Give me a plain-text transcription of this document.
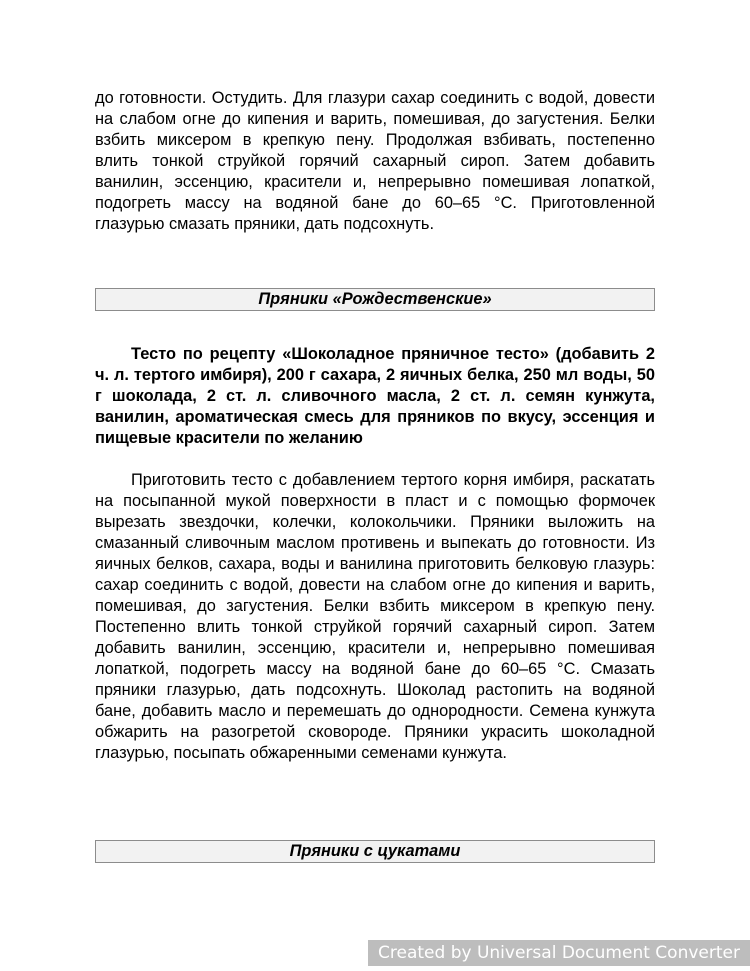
до готовности. Остудить. Для глазури сахар соединить с водой, довести на слабом огне до кипения и варить, помешивая, до загустения. Белки взбить миксером в крепкую пену. Продолжая взбивать, постепенно влить тонкой струйкой горячий сахарный сироп. Затем добавить ванилин, эссенцию, красители и, непрерывно помешивая лопаткой, подогреть массу на водяной бане до 60–65 °С. Приготовленной глазурью смазать пряники, дать подсохнуть.

Пряники «Рождественские»

Тесто по рецепту «Шоколадное пряничное тесто» (добавить 2 ч. л. тертого имбиря), 200 г сахара, 2 яичных белка, 250 мл воды, 50 г шоколада, 2 ст. л. сливочного масла, 2 ст. л. семян кунжута, ванилин, ароматическая смесь для пряников по вкусу, эссенция и пищевые красители по желанию

Приготовить тесто с добавлением тертого корня имбиря, раскатать на посыпанной мукой поверхности в пласт и с помощью формочек вырезать звездочки, колечки, колокольчики. Пряники выложить на смазанный сливочным маслом противень и выпекать до готовности. Из яичных белков, сахара, воды и ванилина приготовить белковую глазурь: сахар соединить с водой, довести на слабом огне до кипения и варить, помешивая, до загустения. Белки взбить миксером в крепкую пену. Постепенно влить тонкой струйкой горячий сахарный сироп. Затем добавить ванилин, эссенцию, красители и, непрерывно помешивая лопаткой, подогреть массу на водяной бане до 60–65 °С. Смазать пряники глазурью, дать подсохнуть. Шоколад растопить на водяной бане, добавить масло и перемешать до однородности. Семена кунжута обжарить на разогретой сковороде. Пряники украсить шоколадной глазурью, посыпать обжаренными семенами кунжута.

Пряники с цукатами
Created by Universal Document Converter
